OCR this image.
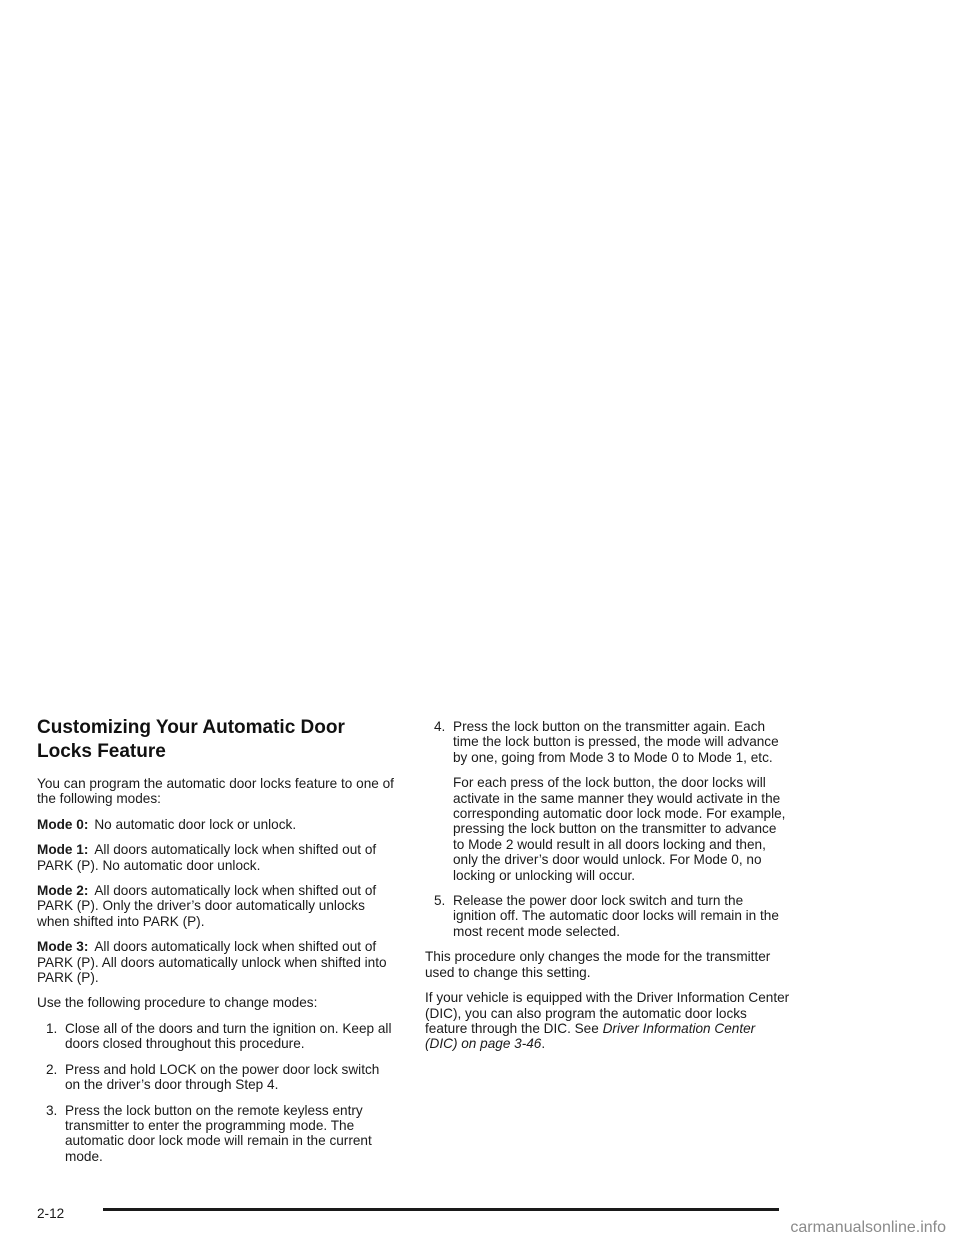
Customizing Your Automatic Door Locks Feature

You can program the automatic door locks feature to one of the following modes:

Mode 0: No automatic door lock or unlock.

Mode 1: All doors automatically lock when shifted out of PARK (P). No automatic door unlock.

Mode 2: All doors automatically lock when shifted out of PARK (P). Only the driver’s door automatically unlocks when shifted into PARK (P).

Mode 3: All doors automatically lock when shifted out of PARK (P). All doors automatically unlock when shifted into PARK (P).

Use the following procedure to change modes:

1. Close all of the doors and turn the ignition on. Keep all doors closed throughout this procedure.
2. Press and hold LOCK on the power door lock switch on the driver’s door through Step 4.
3. Press the lock button on the remote keyless entry transmitter to enter the programming mode. The automatic door lock mode will remain in the current mode.
4. Press the lock button on the transmitter again. Each time the lock button is pressed, the mode will advance by one, going from Mode 3 to Mode 0 to Mode 1, etc.
For each press of the lock button, the door locks will activate in the same manner they would activate in the corresponding automatic door lock mode. For example, pressing the lock button on the transmitter to advance to Mode 2 would result in all doors locking and then, only the driver’s door would unlock. For Mode 0, no locking or unlocking will occur.
5. Release the power door lock switch and turn the ignition off. The automatic door locks will remain in the most recent mode selected.

This procedure only changes the mode for the transmitter used to change this setting.

If your vehicle is equipped with the Driver Information Center (DIC), you can also program the automatic door locks feature through the DIC. See Driver Information Center (DIC) on page 3-46.

2-12
carmanualsonline.info
